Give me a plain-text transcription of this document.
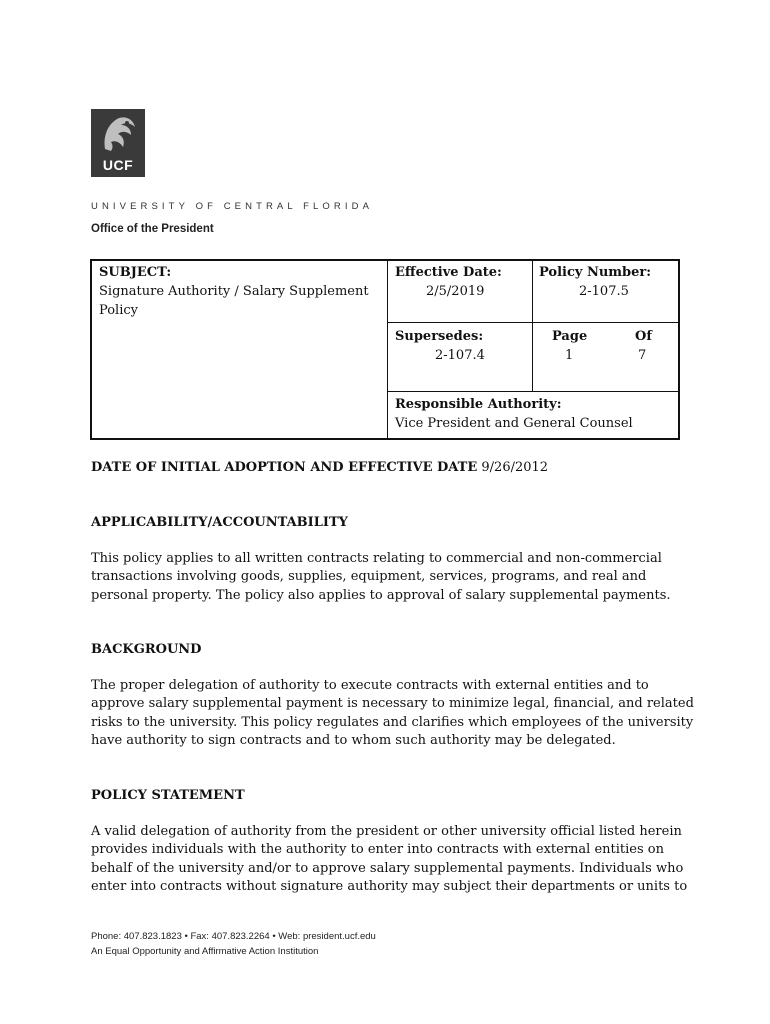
UCF
UNIVERSITY OF CENTRAL FLORIDA
Office of the President
SUBJECT:
Signature Authority / Salary Supplement
Policy
Effective Date:
2/5/2019
Policy Number:
2-107.5
Supersedes:
2-107.4
Page
1
Of
7
Responsible Authority:
Vice President and General Counsel
DATE OF INITIAL ADOPTION AND EFFECTIVE DATE 9/26/2012
APPLICABILITY/ACCOUNTABILITY
This policy applies to all written contracts relating to commercial and non-commercial
transactions involving goods, supplies, equipment, services, programs, and real and
personal property. The policy also applies to approval of salary supplemental payments.
BACKGROUND
The proper delegation of authority to execute contracts with external entities and to
approve salary supplemental payment is necessary to minimize legal, financial, and related
risks to the university. This policy regulates and clarifies which employees of the university
have authority to sign contracts and to whom such authority may be delegated.
POLICY STATEMENT
A valid delegation of authority from the president or other university official listed herein
provides individuals with the authority to enter into contracts with external entities on
behalf of the university and/or to approve salary supplemental payments. Individuals who
enter into contracts without signature authority may subject their departments or units to
Phone: 407.823.1823 • Fax: 407.823.2264 • Web: president.ucf.edu
An Equal Opportunity and Affirmative Action Institution
